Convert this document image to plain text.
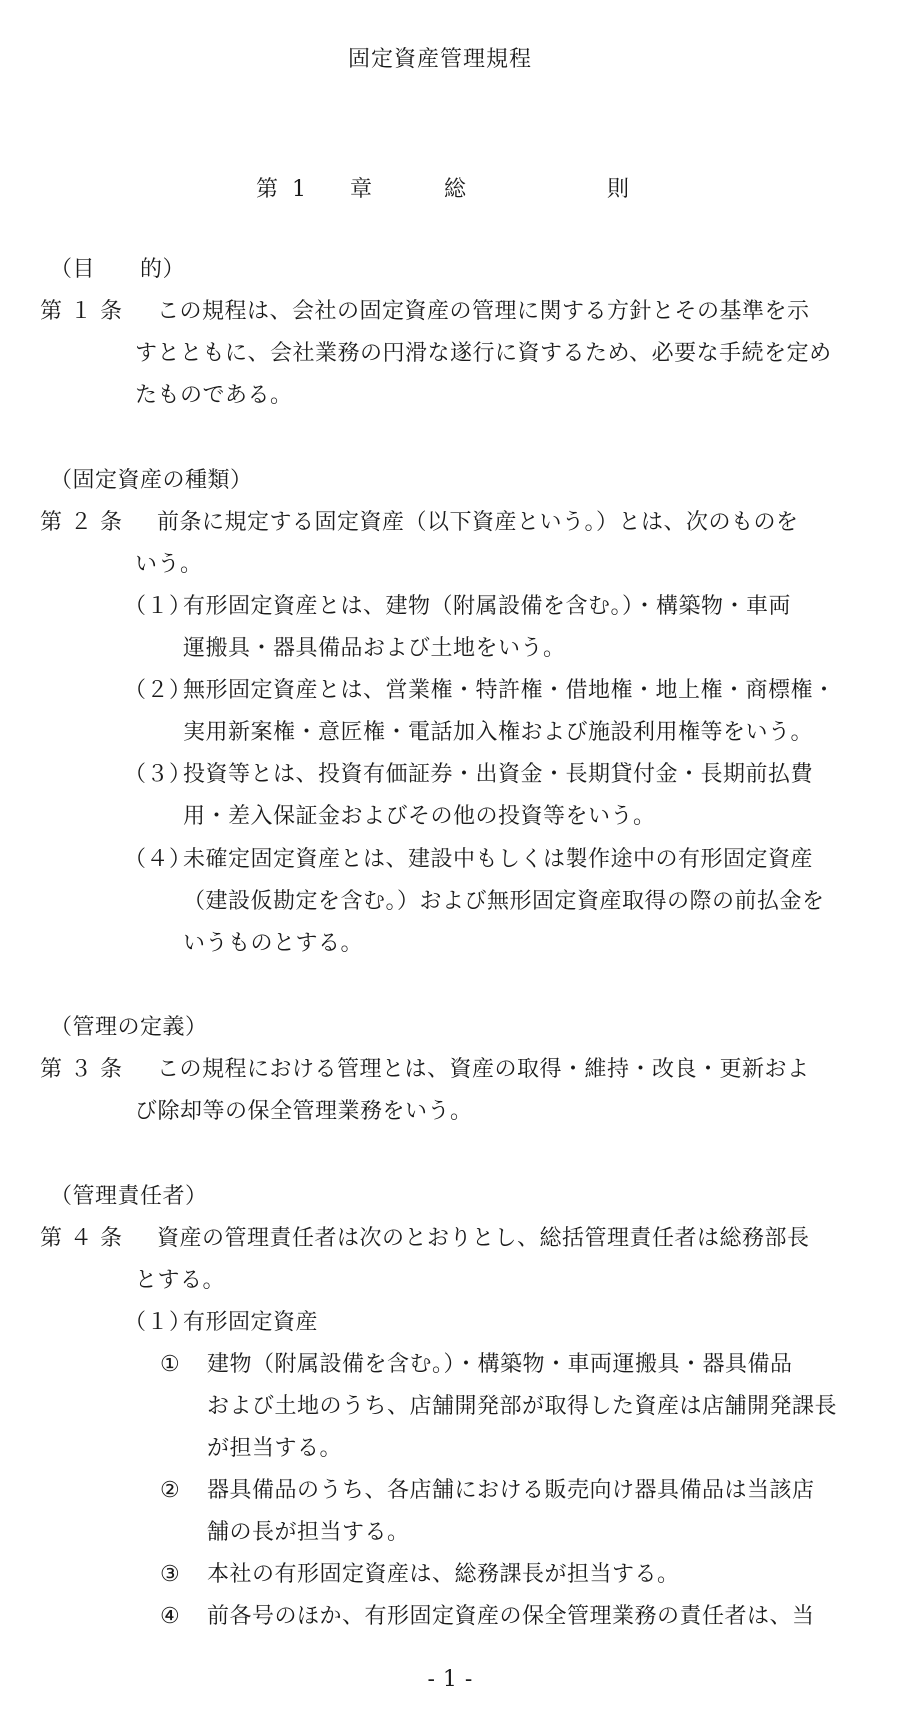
固定資産管理規程
第 1 章	総	則
（目　　的）
第 １ 条 この規程は、会社の固定資産の管理に関する方針とその基準を示
すとともに、会社業務の円滑な遂行に資するため、必要な手続を定め
たものである。
（固定資産の種類）
第 ２ 条 前条に規定する固定資産（以下資産という。）とは、次のものを
いう。
（１）
有形固定資産とは、建物（附属設備を含む。）・構築物・車両
運搬具・器具備品および土地をいう。
（２）
無形固定資産とは、営業権・特許権・借地権・地上権・商標権・
実用新案権・意匠権・電話加入権および施設利用権等をいう。
（３）
投資等とは、投資有価証券・出資金・長期貸付金・長期前払費
用・差入保証金およびその他の投資等をいう。
（４）
未確定固定資産とは、建設中もしくは製作途中の有形固定資産
（建設仮勘定を含む。）および無形固定資産取得の際の前払金を
いうものとする。
（管理の定義）
第 ３ 条 この規程における管理とは、資産の取得・維持・改良・更新およ
び除却等の保全管理業務をいう。
（管理責任者）
第 ４ 条 資産の管理責任者は次のとおりとし、総括管理責任者は総務部長
とする。
（１）
有形固定資産
① 建物（附属設備を含む。）・構築物・車両運搬具・器具備品
および土地のうち、店舗開発部が取得した資産は店舗開発課長
が担当する。
② 器具備品のうち、各店舗における販売向け器具備品は当該店
舗の長が担当する。
③ 本社の有形固定資産は、総務課長が担当する。
④ 前各号のほか、有形固定資産の保全管理業務の責任者は、当
- 1 -
